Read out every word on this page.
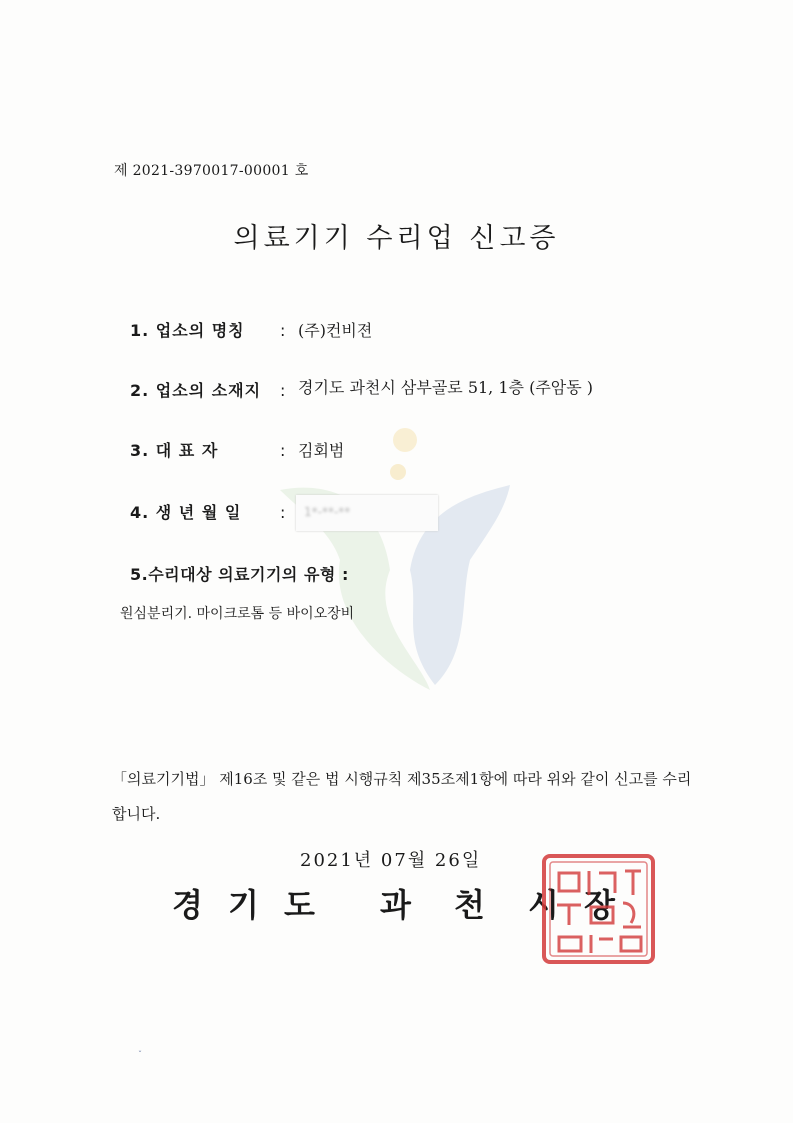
제 2021-3970017-00001 호
의료기기 수리업 신고증
1. 업소의 명칭 : (주)컨비젼
2. 업소의 소재지 : 경기도 과천시 삼부골로 51, 1층 (주암동 )
3. 대 표 자	: 김회범
4. 생 년 월 일 :	1*-**-**
5.수리대상 의료기기의 유형 :
원심분리기. 마이크로톰 등 바이오장비
「의료기기법」 제16조 및 같은 법 시행규칙 제35조제1항에 따라 위와 같이 신고를 수리합니다.
2021년 07월 26일
경 기 도 과 천 시 장
ˇ
